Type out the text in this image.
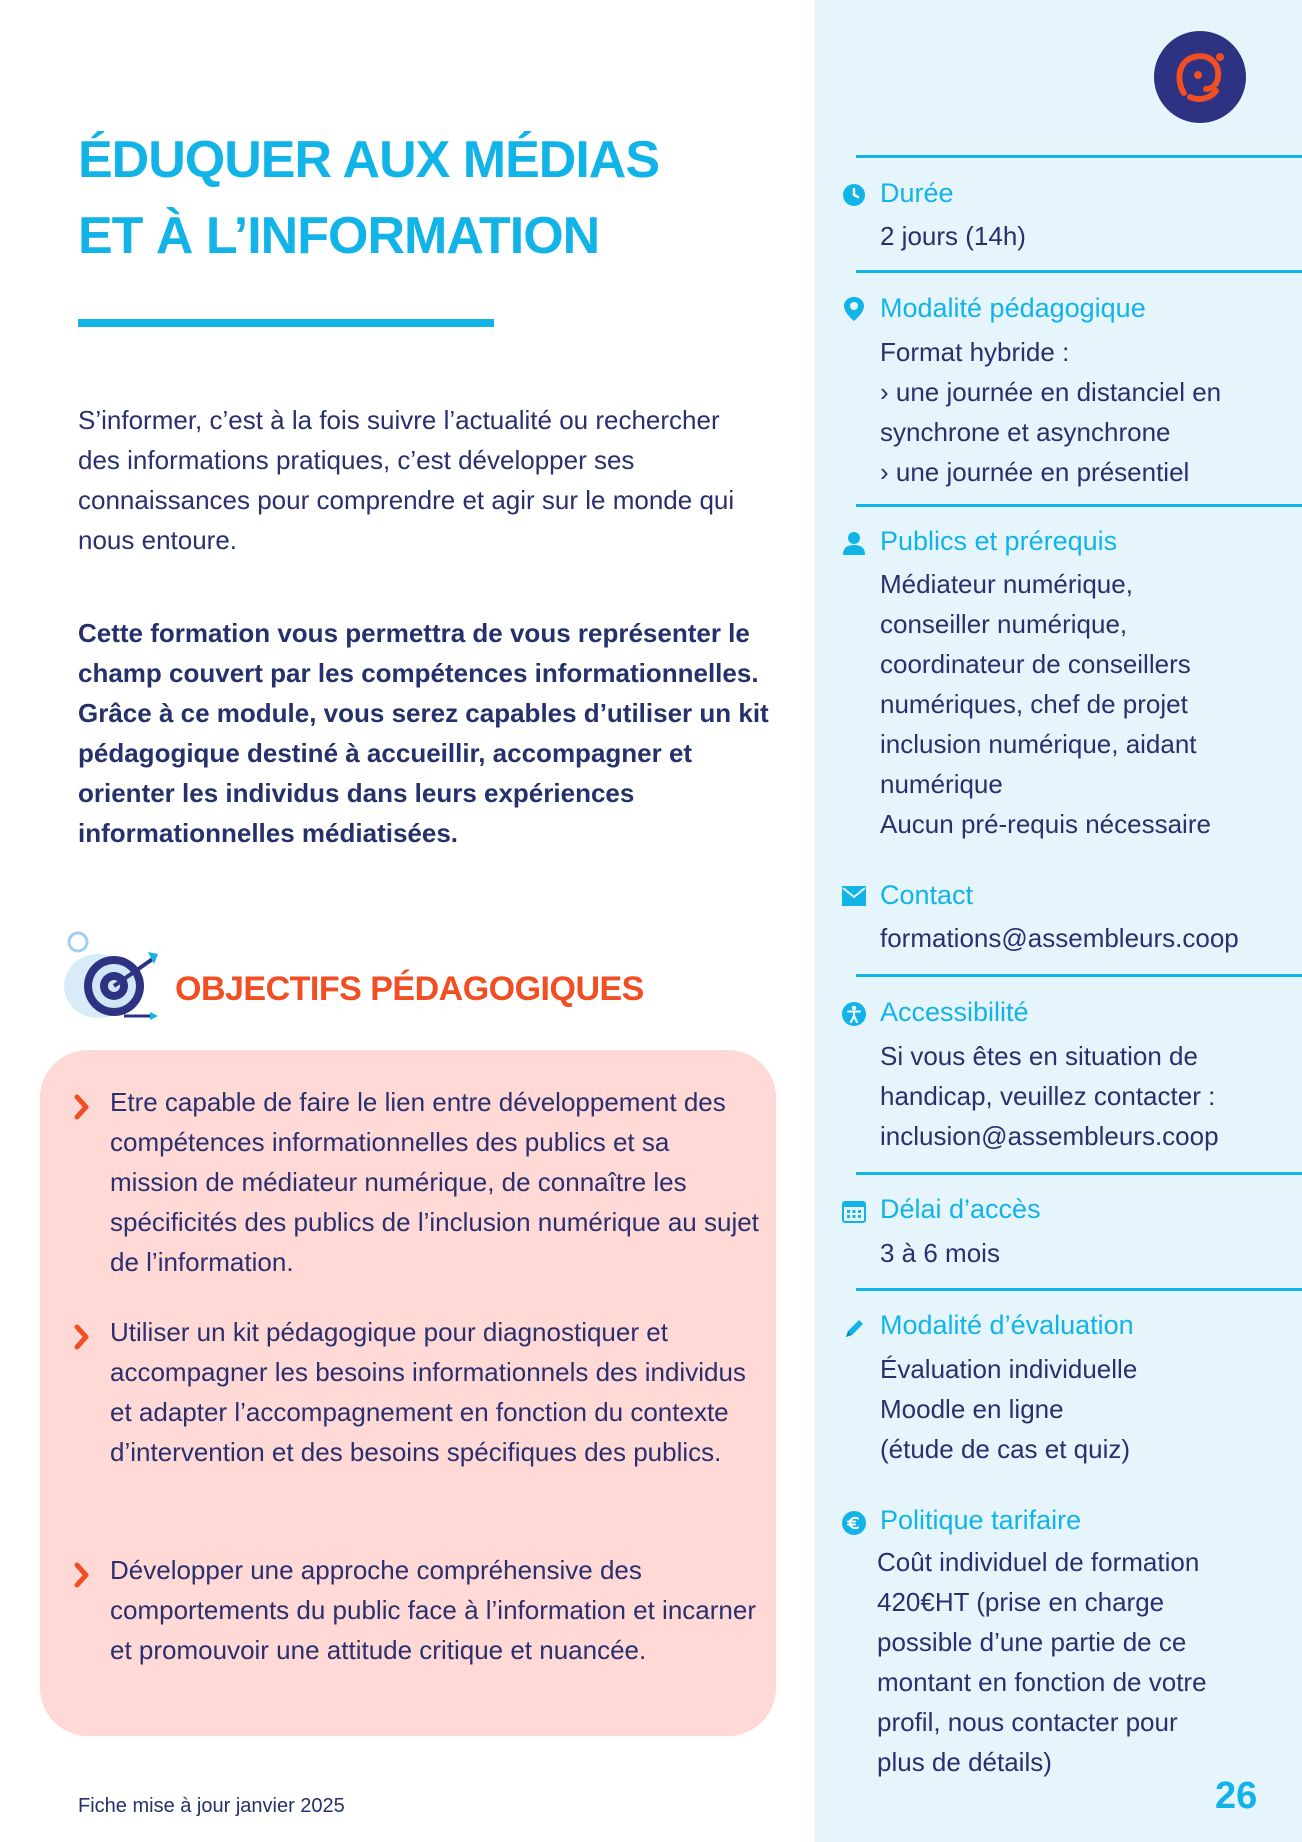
ÉDUQUER AUX MÉDIAS
ET À L’INFORMATION

S’informer, c’est à la fois suivre l’actualité ou rechercher des informations pratiques, c’est développer ses connaissances pour comprendre et agir sur le monde qui nous entoure.

Cette formation vous permettra de vous représenter le champ couvert par les compétences informationnelles. Grâce à ce module, vous serez capables d’utiliser un kit pédagogique destiné à accueillir, accompagner et orienter les individus dans leurs expériences informationnelles médiatisées.

OBJECTIFS PÉDAGOGIQUES

Etre capable de faire le lien entre développement des compétences informationnelles des publics et sa mission de médiateur numérique, de connaître les spécificités des publics de l’inclusion numérique au sujet de l’information.

Utiliser un kit pédagogique pour diagnostiquer et accompagner les besoins informationnels des individus et adapter l’accompagnement en fonction du contexte d’intervention et des besoins spécifiques des publics.

Développer une approche compréhensive des comportements du public face à l’information et incarner et promouvoir une attitude critique et nuancée.

Durée

2 jours (14h)

Modalité pédagogique

Format hybride :
› une journée en distanciel en
synchrone et asynchrone
› une journée en présentiel

Publics et prérequis

Médiateur numérique,
conseiller numérique,
coordinateur de conseillers
numériques, chef de projet
inclusion numérique, aidant
numérique
Aucun pré-requis nécessaire

Contact

formations@assembleurs.coop

Accessibilité

Si vous êtes en situation de
handicap, veuillez contacter :
inclusion@assembleurs.coop

Délai d’accès

3 à 6 mois

Modalité d’évaluation

Évaluation individuelle
Moodle en ligne
(étude de cas et quiz)

Politique tarifaire

Coût individuel de formation
420€HT (prise en charge
possible d’une partie de ce
montant en fonction de votre
profil, nous contacter pour
plus de détails)

Fiche mise à jour janvier 2025	26
